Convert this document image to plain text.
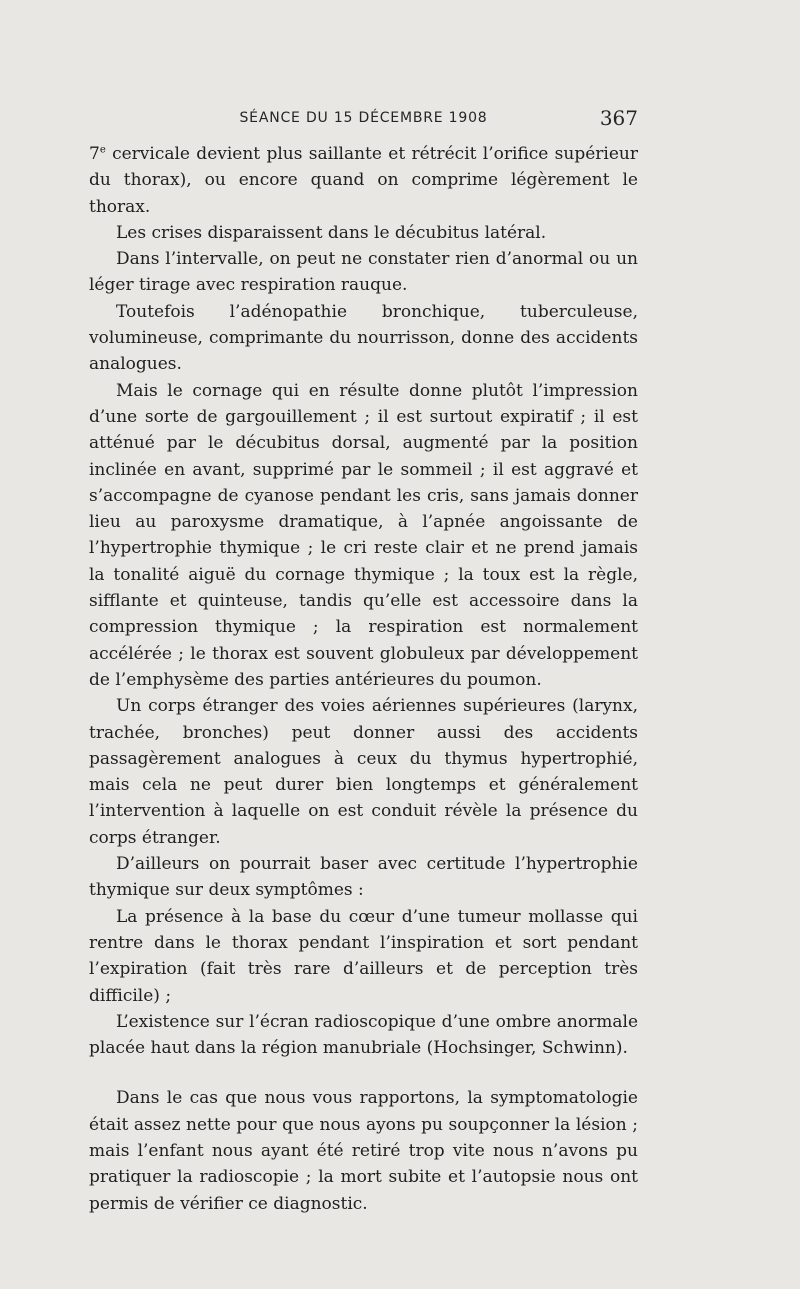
SÉANCE DU 15 DÉCEMBRE 1908	367

7e cervicale devient plus saillante et rétrécit l’orifice supérieur du thorax), ou encore quand on comprime légèrement le thorax.

Les crises disparaissent dans le décubitus latéral.

Dans l’intervalle, on peut ne constater rien d’anormal ou un léger tirage avec respiration rauque.

Toutefois l’adénopathie bronchique, tuberculeuse, volumineuse, comprimante du nourrisson, donne des accidents analogues.

Mais le cornage qui en résulte donne plutôt l’impression d’une sorte de gargouillement ; il est surtout expiratif ; il est atténué par le décubitus dorsal, augmenté par la position inclinée en avant, supprimé par le sommeil ; il est aggravé et s’accompagne de cyanose pendant les cris, sans jamais donner lieu au paroxysme dramatique, à l’apnée angoissante de l’hypertrophie thymique ; le cri reste clair et ne prend jamais la tonalité aiguë du cornage thymique ; la toux est la règle, sifflante et quinteuse, tandis qu’elle est accessoire dans la compression thymique ; la respiration est normalement accélérée ; le thorax est souvent globuleux par développement de l’emphysème des parties antérieures du poumon.

Un corps étranger des voies aériennes supérieures (larynx, trachée, bronches) peut donner aussi des accidents passagèrement analogues à ceux du thymus hypertrophié, mais cela ne peut durer bien longtemps et généralement l’intervention à laquelle on est conduit révèle la présence du corps étranger.

D’ailleurs on pourrait baser avec certitude l’hypertrophie thymique sur deux symptômes :

La présence à la base du cœur d’une tumeur mollasse qui rentre dans le thorax pendant l’inspiration et sort pendant l’expiration (fait très rare d’ailleurs et de perception très difficile) ;

L’existence sur l’écran radioscopique d’une ombre anormale placée haut dans la région manubriale (Hochsinger, Schwinn).

Dans le cas que nous vous rapportons, la symptomatologie était assez nette pour que nous ayons pu soupçonner la lésion ; mais l’enfant nous ayant été retiré trop vite nous n’avons pu pratiquer la radioscopie ; la mort subite et l’autopsie nous ont permis de vérifier ce diagnostic.
